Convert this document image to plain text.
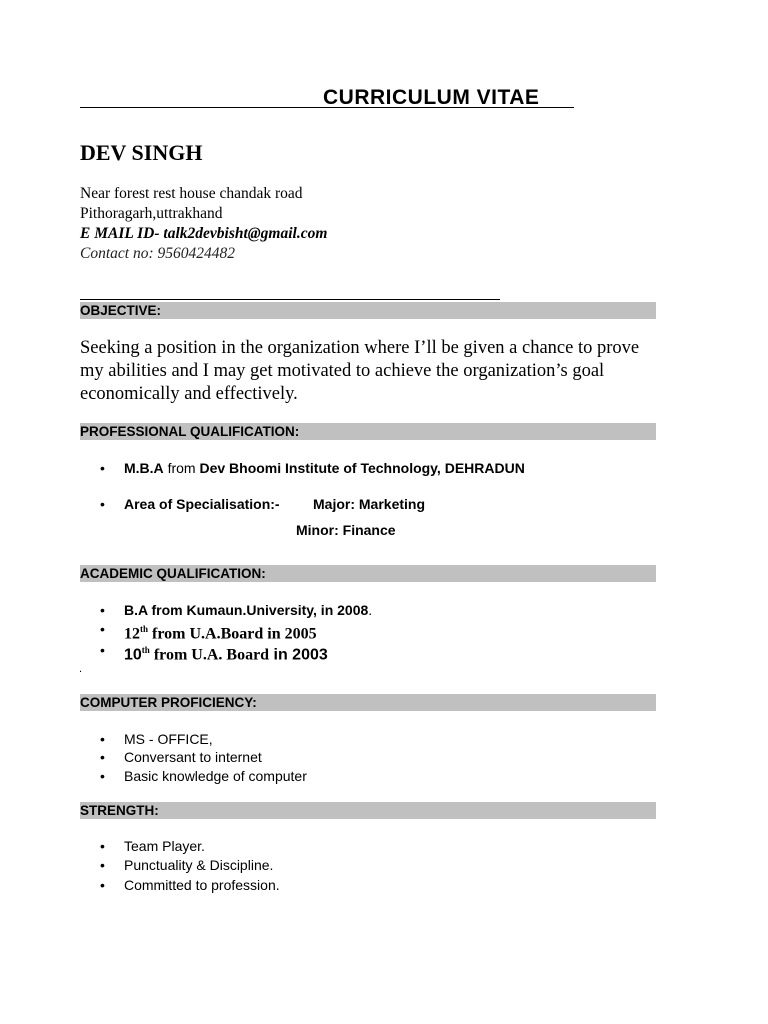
CURRICULUM VITAE
DEV SINGH
Near forest rest house chandak road
Pithoragarh,uttrakhand
E MAIL ID- talk2devbisht@gmail.com
Contact no: 9560424482
OBJECTIVE:
Seeking a position in the organization where I’ll be given a chance to prove my abilities and I may get motivated to achieve the organization’s goal economically and effectively.
PROFESSIONAL QUALIFICATION:
• M.B.A from Dev Bhoomi Institute of Technology, DEHRADUN
• Area of Specialisation:- Major: Marketing
Minor: Finance
ACADEMIC QUALIFICATION:
• B.A from Kumaun.University, in 2008.
• 12th from U.A.Board in 2005
• 10th from U.A. Board in 2003
.
COMPUTER PROFICIENCY:
• MS - OFFICE,
• Conversant to internet
• Basic knowledge of computer
STRENGTH:
• Team Player.
• Punctuality & Discipline.
• Committed to profession.
